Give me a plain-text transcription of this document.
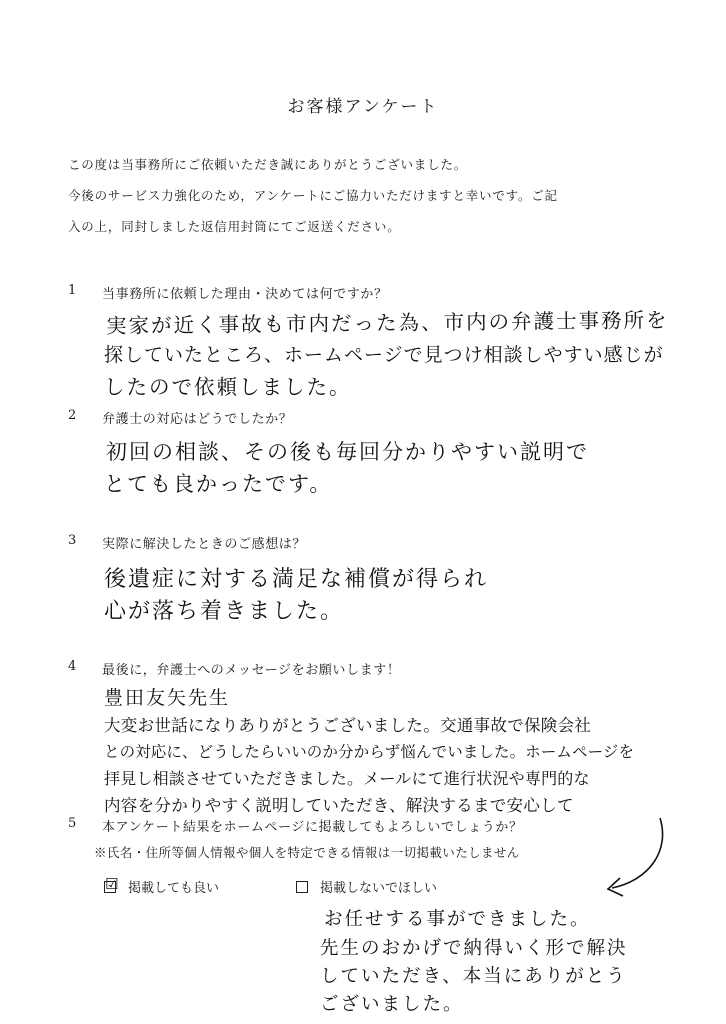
お客様アンケート
この度は当事務所にご依頼いただき誠にありがとうございました。
今後のサービス力強化のため，アンケートにご協力いただけますと幸いです。ご記
入の上，同封しました返信用封筒にてご返送ください。
1 当事務所に依頼した理由・決めては何ですか？
実家が近く事故も市内だった為、市内の弁護士事務所を
探していたところ、ホームページで見つけ相談しやすい感じが
したので依頼しました。
2 弁護士の対応はどうでしたか？
初回の相談、その後も毎回分かりやすい説明で
とても良かったです。
3 実際に解決したときのご感想は？
後遺症に対する満足な補償が得られ
心が落ち着きました。
4 最後に，弁護士へのメッセージをお願いします！
豊田友矢先生
大変お世話になりありがとうございました。交通事故で保険会社
との対応に、どうしたらいいのか分からず悩んでいました。ホームページを
拝見し相談させていただきました。メールにて進行状況や専門的な
内容を分かりやすく説明していただき、解決するまで安心して
5 本アンケート結果をホームページに掲載してもよろしいでしょうか？
※氏名・住所等個人情報や個人を特定できる情報は一切掲載いたしません
☑ 掲載しても良い	掲載しないでほしい
お任せする事ができました。
先生のおかげで納得いく形で解決
していただき、本当にありがとう
ございました。
